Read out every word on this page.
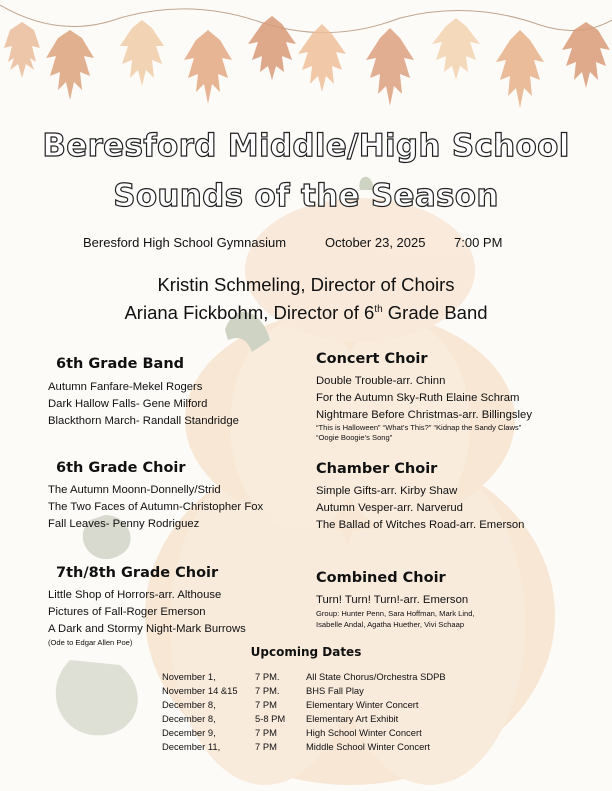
Beresford Middle/High School
Sounds of the Season
Beresford High School Gymnasium	October 23, 2025 7:00 PM
Kristin Schmeling, Director of Choirs
Ariana Fickbohm, Director of 6th Grade Band
6th Grade Band
Autumn Fanfare-Mekel Rogers
Dark Hallow Falls- Gene Milford
Blackthorn March- Randall Standridge
6th Grade Choir
The Autumn Moonn-Donnelly/Strid
The Two Faces of Autumn-Christopher Fox
Fall Leaves- Penny Rodriguez
7th/8th Grade Choir
Little Shop of Horrors-arr. Althouse
Pictures of Fall-Roger Emerson
A Dark and Stormy Night-Mark Burrows
(Ode to Edgar Allen Poe)
Concert Choir
Double Trouble-arr. Chinn
For the Autumn Sky-Ruth Elaine Schram
Nightmare Before Christmas-arr. Billingsley
“This is Halloween” “What’s This?” “Kidnap the Sandy Claws”
“Oogie Boogie’s Song”
Chamber Choir
Simple Gifts-arr. Kirby Shaw
Autumn Vesper-arr. Narverud
The Ballad of Witches Road-arr. Emerson
Combined Choir
Turn! Turn! Turn!-arr. Emerson
Group: Hunter Penn, Sara Hoffman, Mark Lind,
Isabelle Andal, Agatha Huether, Vivi Schaap
Upcoming Dates
November 1,	7 PM.	All State Chorus/Orchestra SDPB
November 14 &15 7 PM.	BHS Fall Play
December 8,	7 PM	Elementary Winter Concert
December 8,	5-8 PM Elementary Art Exhibit
December 9,	7 PM	High School Winter Concert
December 11,	7 PM	Middle School Winter Concert
